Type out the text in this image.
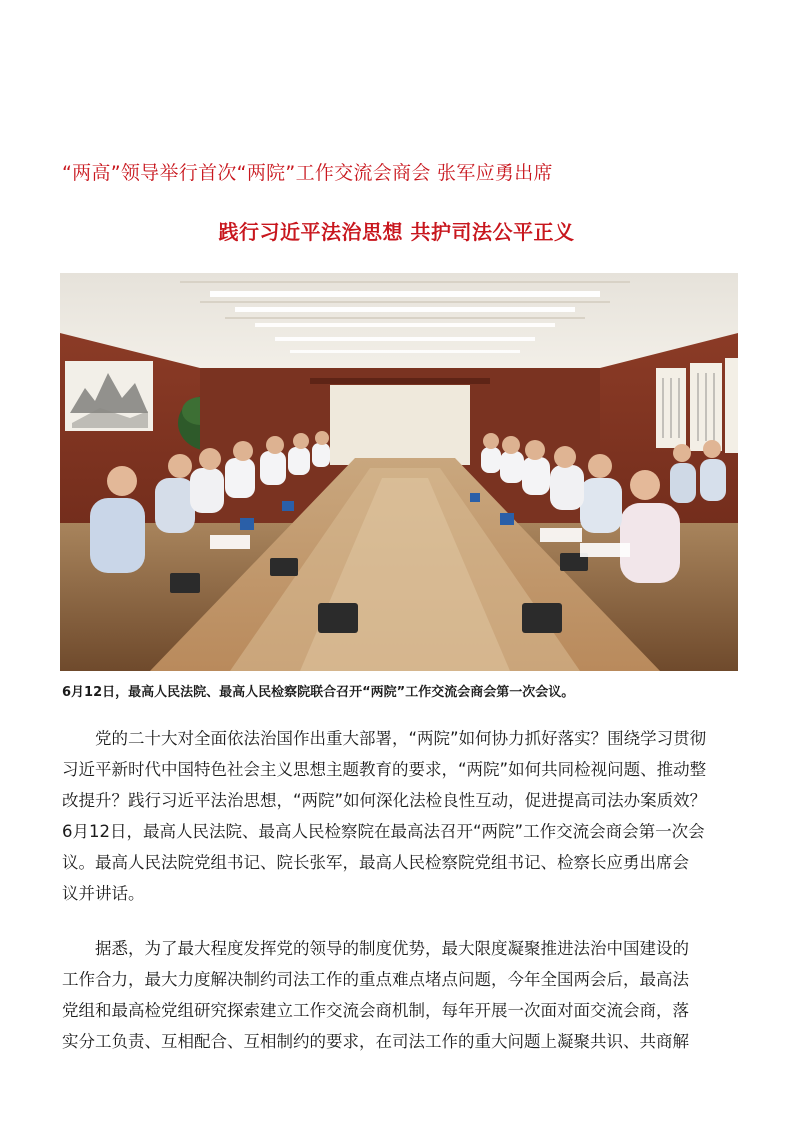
“两高”领导举行首次“两院”工作交流会商会 张军应勇出席
践行习近平法治思想 共护司法公平正义

6月12日，最高人民法院、最高人民检察院联合召开“两院”工作交流会商会第一次会议。

　　党的二十大对全面依法治国作出重大部署，“两院”如何协力抓好落实？围绕学习贯彻
习近平新时代中国特色社会主义思想主题教育的要求，“两院”如何共同检视问题、推动整
改提升？践行习近平法治思想，“两院”如何深化法检良性互动，促进提高司法办案质效？
6月12日，最高人民法院、最高人民检察院在最高法召开“两院”工作交流会商会第一次会
议。最高人民法院党组书记、院长张军，最高人民检察院党组书记、检察长应勇出席会
议并讲话。
　　据悉，为了最大程度发挥党的领导的制度优势，最大限度凝聚推进法治中国建设的
工作合力，最大力度解决制约司法工作的重点难点堵点问题，今年全国两会后，最高法
党组和最高检党组研究探索建立工作交流会商机制，每年开展一次面对面交流会商，落
实分工负责、互相配合、互相制约的要求，在司法工作的重大问题上凝聚共识、共商解
